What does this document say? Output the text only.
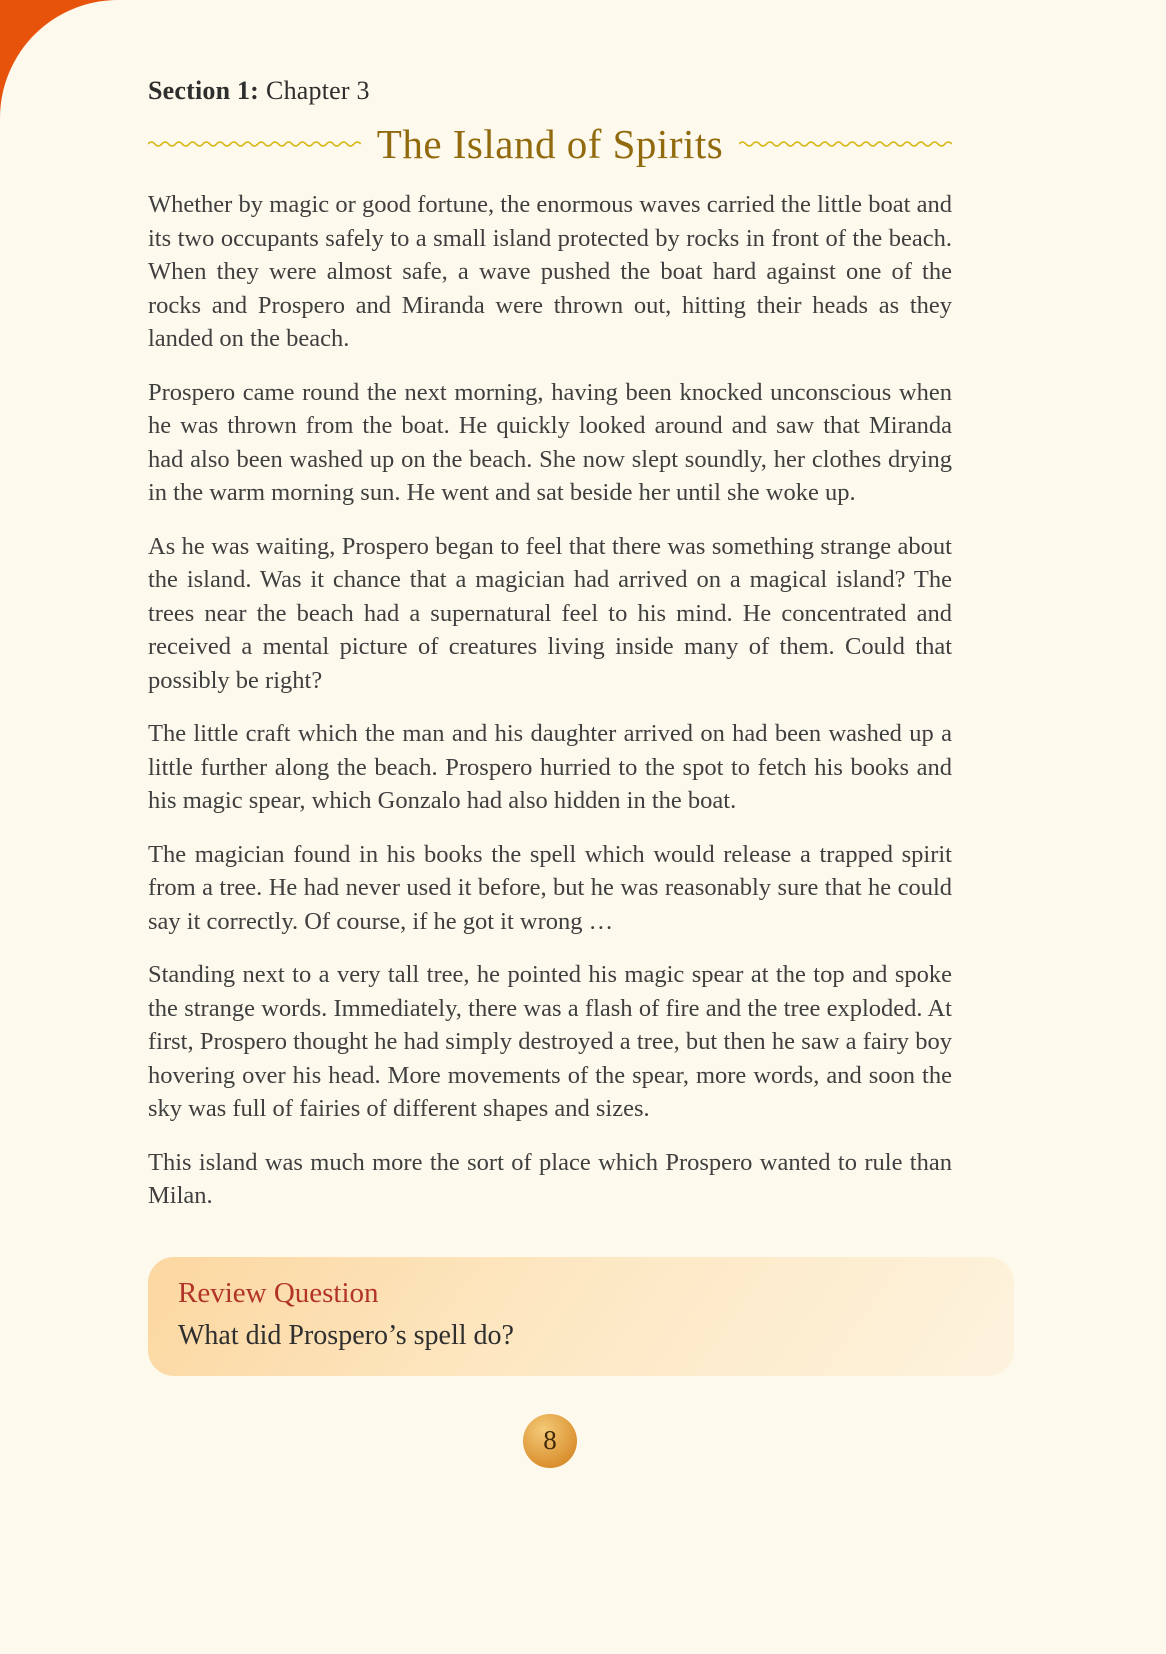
Section 1: Chapter 3
The Island of Spirits

Whether by magic or good fortune, the enormous waves carried the little boat and its two occupants safely to a small island protected by rocks in front of the beach. When they were almost safe, a wave pushed the boat hard against one of the rocks and Prospero and Miranda were thrown out, hitting their heads as they landed on the beach.

Prospero came round the next morning, having been knocked unconscious when he was thrown from the boat. He quickly looked around and saw that Miranda had also been washed up on the beach. She now slept soundly, her clothes drying in the warm morning sun. He went and sat beside her until she woke up.

As he was waiting, Prospero began to feel that there was something strange about the island. Was it chance that a magician had arrived on a magical island? The trees near the beach had a supernatural feel to his mind. He concentrated and received a mental picture of creatures living inside many of them. Could that possibly be right?

The little craft which the man and his daughter arrived on had been washed up a little further along the beach. Prospero hurried to the spot to fetch his books and his magic spear, which Gonzalo had also hidden in the boat.

The magician found in his books the spell which would release a trapped spirit from a tree. He had never used it before, but he was reasonably sure that he could say it correctly. Of course, if he got it wrong …

Standing next to a very tall tree, he pointed his magic spear at the top and spoke the strange words. Immediately, there was a flash of fire and the tree exploded. At first, Prospero thought he had simply destroyed a tree, but then he saw a fairy boy hovering over his head. More movements of the spear, more words, and soon the sky was full of fairies of different shapes and sizes.

This island was much more the sort of place which Prospero wanted to rule than Milan.

Review Question
What did Prospero’s spell do?
8
